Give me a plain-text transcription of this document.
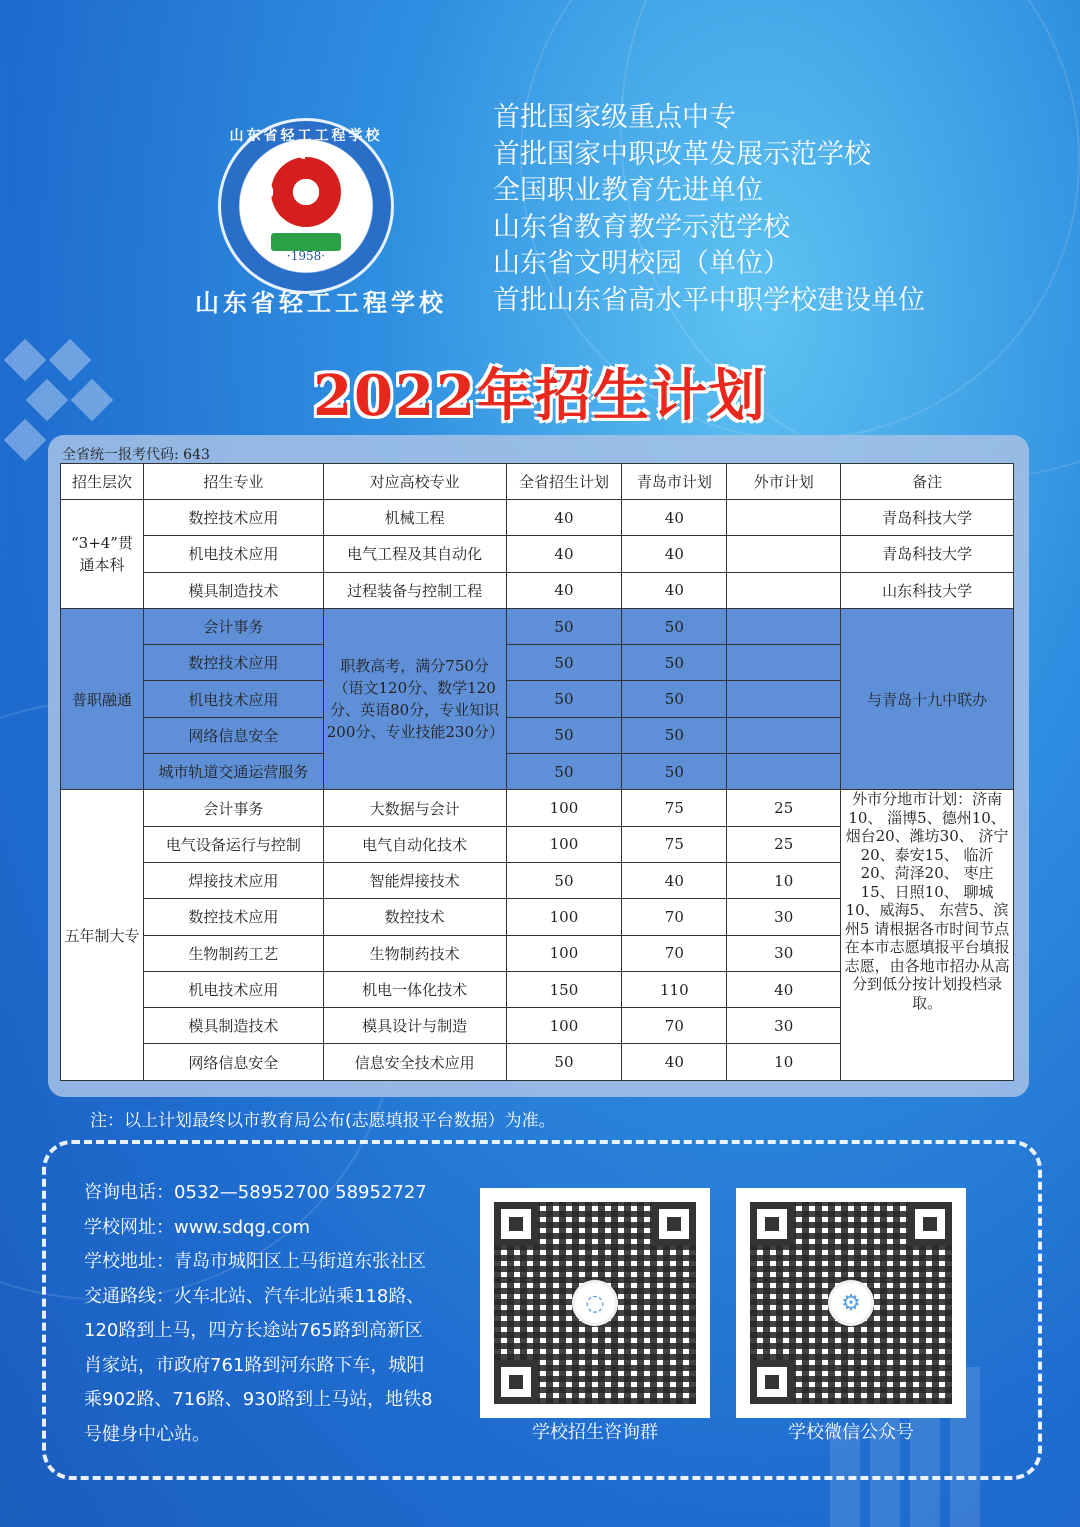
山东省轻工工程学校
·1958·
山东省轻工工程学校
首批国家级重点中专
首批国家中职改革发展示范学校
全国职业教育先进单位
山东省教育教学示范学校
山东省文明校园（单位）
首批山东省高水平中职学校建设单位
2022年招生计划
全省统一报考代码: 643
招生层次	招生专业	对应高校专业	全省招生计划	青岛市计划	外市计划	备注
“3+4”贯通本科	数控技术应用	机械工程	40	40		青岛科技大学
	机电技术应用	电气工程及其自动化	40	40		青岛科技大学
	模具制造技术	过程装备与控制工程	40	40		山东科技大学
普职融通	会计事务	职教高考，满分750分（语文120分、数学120分、英语80分，专业知识200分、专业技能230分）	50	50		与青岛十九中联办
	数控技术应用		50	50		
	机电技术应用		50	50		
	网络信息安全		50	50		
	城市轨道交通运营服务		50	50		
五年制大专	会计事务	大数据与会计	100	75	25	外市分地市计划：济南10、 淄博5、德州10、 烟台20、潍坊30、 济宁20、泰安15、 临沂20、菏泽20、 枣庄15、日照10、 聊城10、威海5、 东营5、滨州5 请根据各市时间节点在本市志愿填报平台填报志愿，由各地市招办从高分到低分按计划投档录取。
	电气设备运行与控制	电气自动化技术	100	75	25	
	焊接技术应用	智能焊接技术	50	40	10	
	数控技术应用	数控技术	100	70	30	
	生物制药工艺	生物制药技术	100	70	30	
	机电技术应用	机电一体化技术	150	110	40	
	模具制造技术	模具设计与制造	100	70	30	
	网络信息安全	信息安全技术应用	50	40	10	
注：以上计划最终以市教育局公布(志愿填报平台数据）为准。

咨询电话：0532—58952700 58952727

学校网址：www.sdqg.com

学校地址：青岛市城阳区上马街道东张社区

交通路线：火车北站、汽车北站乘118路、

120路到上马，四方长途站765路到高新区

肖家站，市政府761路到河东路下车，城阳

乘902路、716路、930路到上马站，地铁8

号健身中心站。

◌
学校招生咨询群
⚙
学校微信公众号
